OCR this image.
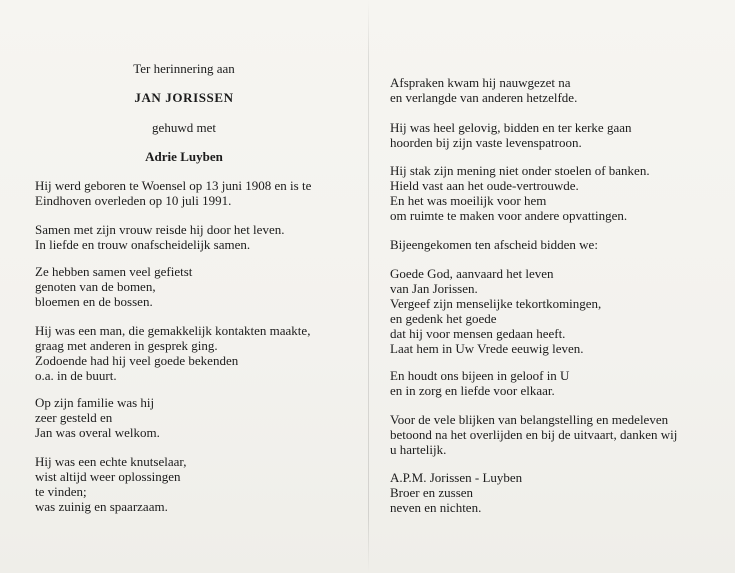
Ter herinnering aan
JAN JORISSEN
gehuwd met
Adrie Luyben
Hij werd geboren te Woensel op 13 juni 1908 en is te
Eindhoven overleden op 10 juli 1991.
Samen met zijn vrouw reisde hij door het leven.
In liefde en trouw onafscheidelijk samen.
Ze hebben samen veel gefietst
genoten van de bomen,
bloemen en de bossen.
Hij was een man, die gemakkelijk kontakten maakte,
graag met anderen in gesprek ging.
Zodoende had hij veel goede bekenden
o.a. in de buurt.
Op zijn familie was hij
zeer gesteld en
Jan was overal welkom.
Hij was een echte knutselaar,
wist altijd weer oplossingen
te vinden;
was zuinig en spaarzaam.
Afspraken kwam hij nauwgezet na
en verlangde van anderen hetzelfde.
Hij was heel gelovig, bidden en ter kerke gaan
hoorden bij zijn vaste levenspatroon.
Hij stak zijn mening niet onder stoelen of banken.
Hield vast aan het oude-vertrouwde.
En het was moeilijk voor hem
om ruimte te maken voor andere opvattingen.
Bijeengekomen ten afscheid bidden we:
Goede God, aanvaard het leven
van Jan Jorissen.
Vergeef zijn menselijke tekortkomingen,
en gedenk het goede
dat hij voor mensen gedaan heeft.
Laat hem in Uw Vrede eeuwig leven.
En houdt ons bijeen in geloof in U
en in zorg en liefde voor elkaar.
Voor de vele blijken van belangstelling en medeleven
betoond na het overlijden en bij de uitvaart, danken wij
u hartelijk.
A.P.M. Jorissen - Luyben
Broer en zussen
neven en nichten.
